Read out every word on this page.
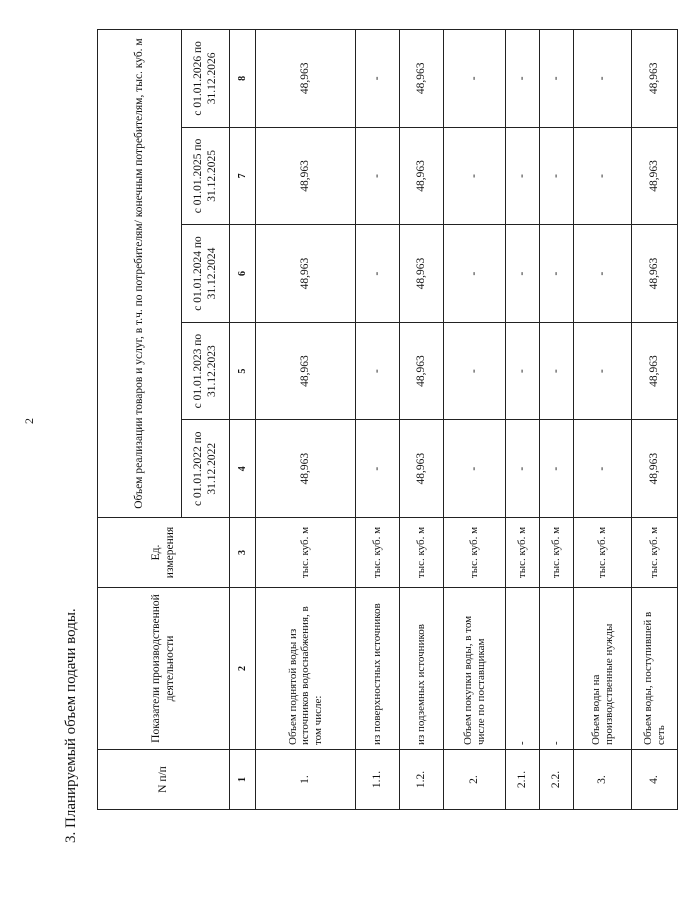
2
3. Планируемый объем подачи воды.	N п/п	Показатели производственной деятельности	Ед. измерения	Объем реализации товаров и услуг, в т.ч. по потребителям/ конечным потребителям, тыс. куб. м				
			с 01.01.2022 по 31.12.2022	с 01.01.2023 по 31.12.2023	с 01.01.2024 по 31.12.2024	с 01.01.2025 по 31.12.2025	с 01.01.2026 по 31.12.2026
1	2	3	4	5	6	7	8
1.	Объем поднятой воды из источников водоснабжения, в том числе:	тыс. куб. м	48,963	48,963	48,963	48,963	48,963
1.1.	из поверхностных источников	тыс. куб. м	-	-	-	-	-
1.2.	из подземных источников	тыс. куб. м	48,963	48,963	48,963	48,963	48,963
2.	Объем покупки воды, в том числе по поставщикам	тыс. куб. м	-	-	-	-	-
2.1.	-	тыс. куб. м	-	-	-	-	-
2.2.	-	тыс. куб. м	-	-	-	-	-
3.	Объем воды на производственные нужды	тыс. куб. м	-	-	-	-	-
4.	Объем воды, поступившей в сеть	тыс. куб. м	48,963	48,963	48,963	48,963	48,963
